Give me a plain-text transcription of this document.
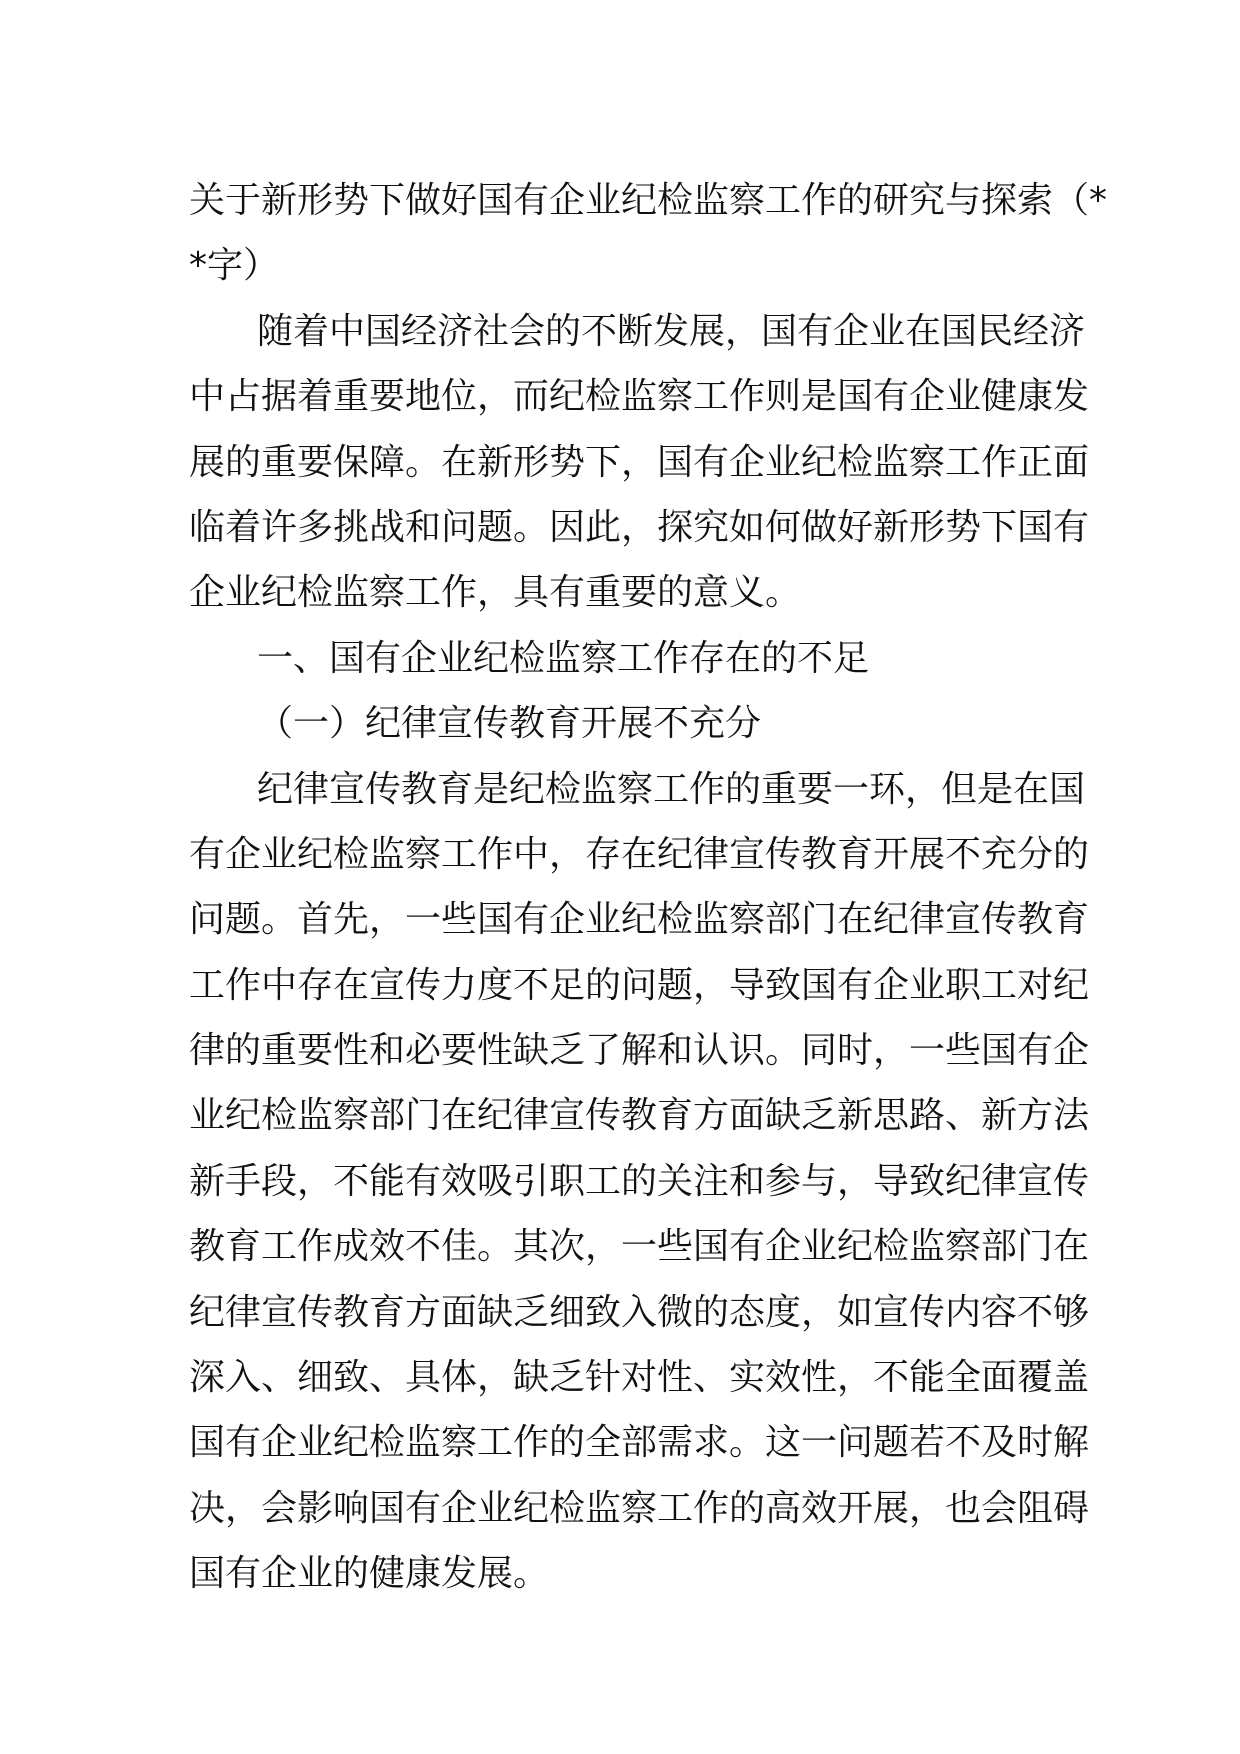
关于新形势下做好国有企业纪检监察工作的研究与探索（*
*字）
随着中国经济社会的不断发展，国有企业在国民经济
中占据着重要地位，而纪检监察工作则是国有企业健康发
展的重要保障。在新形势下，国有企业纪检监察工作正面
临着许多挑战和问题。因此，探究如何做好新形势下国有
企业纪检监察工作，具有重要的意义。
一、国有企业纪检监察工作存在的不足
（一）纪律宣传教育开展不充分
纪律宣传教育是纪检监察工作的重要一环，但是在国
有企业纪检监察工作中，存在纪律宣传教育开展不充分的
问题。首先，一些国有企业纪检监察部门在纪律宣传教育
工作中存在宣传力度不足的问题，导致国有企业职工对纪
律的重要性和必要性缺乏了解和认识。同时，一些国有企
业纪检监察部门在纪律宣传教育方面缺乏新思路、新方法
新手段，不能有效吸引职工的关注和参与，导致纪律宣传
教育工作成效不佳。其次，一些国有企业纪检监察部门在
纪律宣传教育方面缺乏细致入微的态度，如宣传内容不够
深入、细致、具体，缺乏针对性、实效性，不能全面覆盖
国有企业纪检监察工作的全部需求。这一问题若不及时解
决，会影响国有企业纪检监察工作的高效开展，也会阻碍
国有企业的健康发展。
